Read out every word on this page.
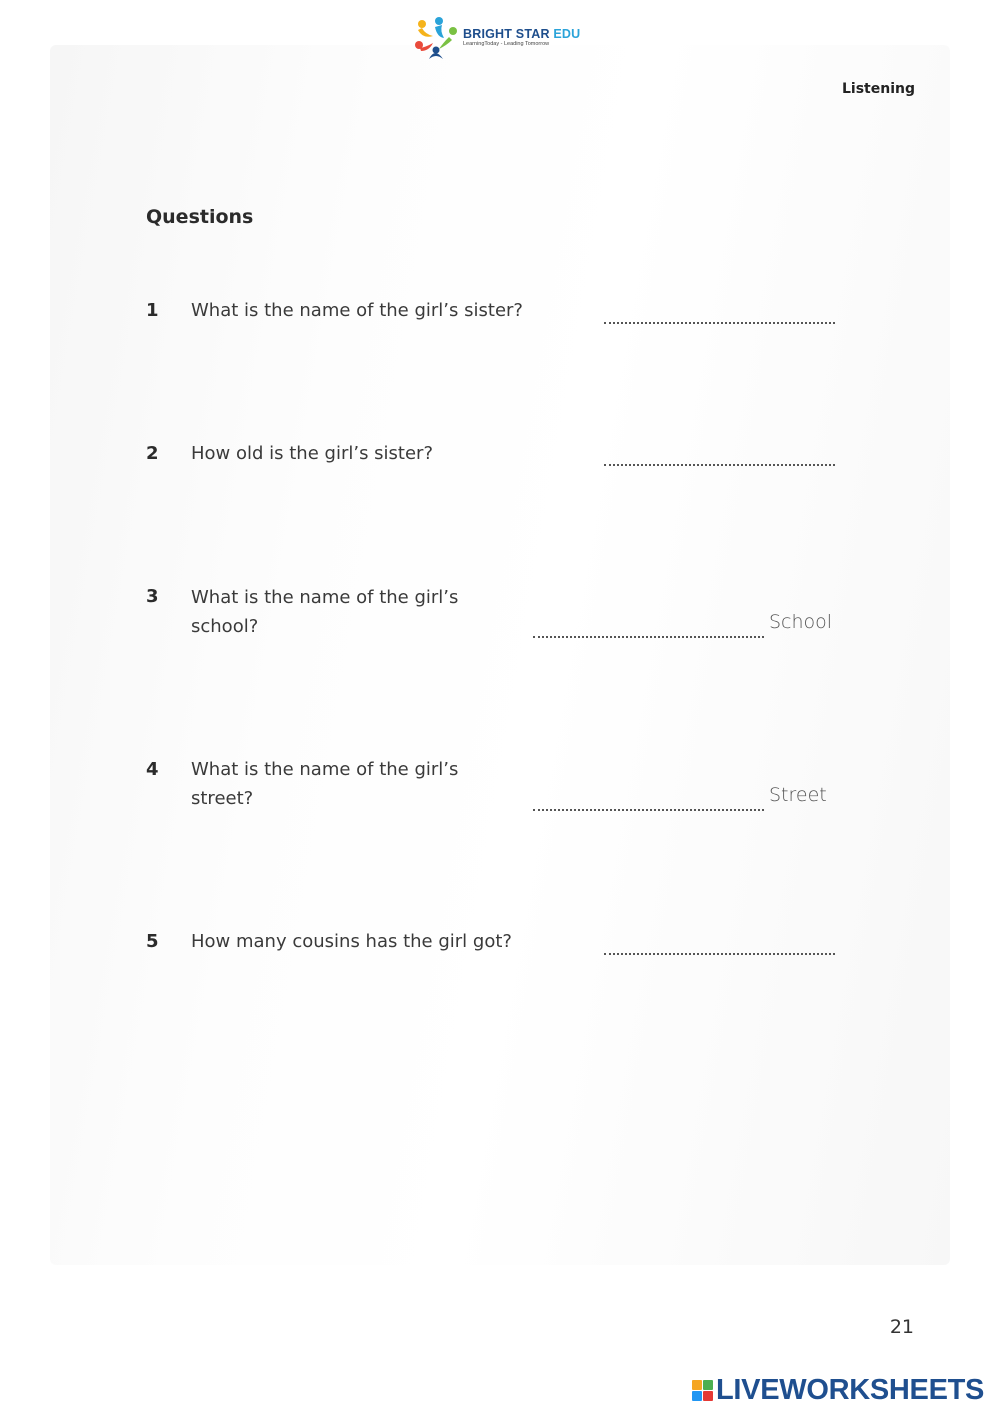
BRIGHT STAR EDU
LearningToday - Leading Tomorrow
Listening
Questions
1 What is the name of the girl’s sister?
2 How old is the girl’s sister?
3 What is the name of the girl’s
school?	School
4 What is the name of the girl’s
street?	Street
5 How many cousins has the girl got?
21
LIVEWORKSHEETS
